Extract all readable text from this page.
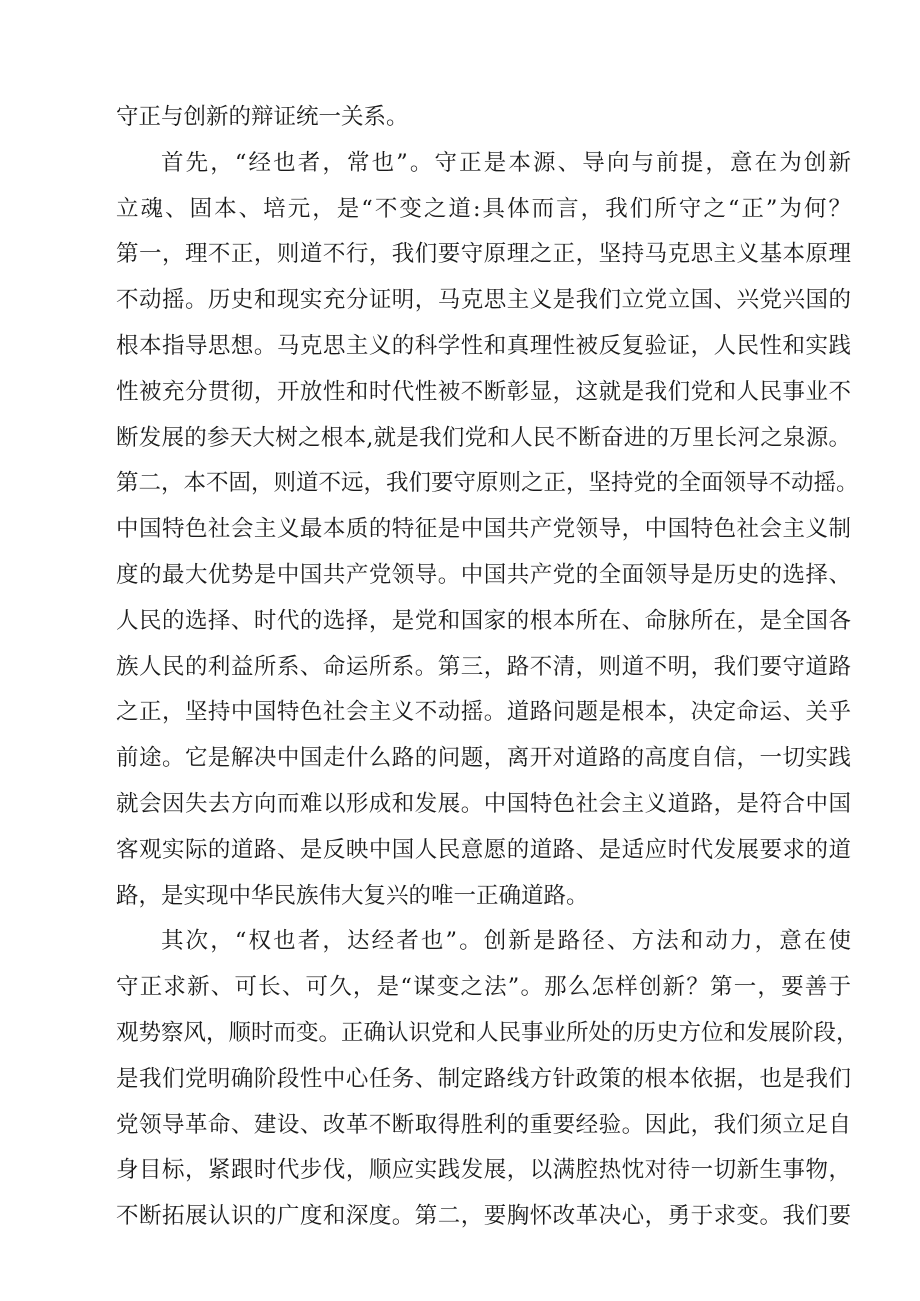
守正与创新的辩证统一关系。
首先，“经也者，常也”。守正是本源、导向与前提，意在为创新
立魂、固本、培元，是“不变之道:具体而言，我们所守之“正”为何？
第一，理不正，则道不行，我们要守原理之正，坚持马克思主义基本原理
不动摇。历史和现实充分证明，马克思主义是我们立党立国、兴党兴国的
根本指导思想。马克思主义的科学性和真理性被反复验证，人民性和实践
性被充分贯彻，开放性和时代性被不断彰显，这就是我们党和人民事业不
断发展的参天大树之根本,就是我们党和人民不断奋进的万里长河之泉源。
第二，本不固，则道不远，我们要守原则之正，坚持党的全面领导不动摇。
中国特色社会主义最本质的特征是中国共产党领导，中国特色社会主义制
度的最大优势是中国共产党领导。中国共产党的全面领导是历史的选择、
人民的选择、时代的选择，是党和国家的根本所在、命脉所在，是全国各
族人民的利益所系、命运所系。第三，路不清，则道不明，我们要守道路
之正，坚持中国特色社会主义不动摇。道路问题是根本，决定命运、关乎
前途。它是解决中国走什么路的问题，离开对道路的高度自信，一切实践
就会因失去方向而难以形成和发展。中国特色社会主义道路，是符合中国
客观实际的道路、是反映中国人民意愿的道路、是适应时代发展要求的道
路，是实现中华民族伟大复兴的唯一正确道路。
其次，“权也者，达经者也”。创新是路径、方法和动力，意在使
守正求新、可长、可久，是“谋变之法”。那么怎样创新？第一，要善于
观势察风，顺时而变。正确认识党和人民事业所处的历史方位和发展阶段，
是我们党明确阶段性中心任务、制定路线方针政策的根本依据，也是我们
党领导革命、建设、改革不断取得胜利的重要经验。因此，我们须立足自
身目标，紧跟时代步伐，顺应实践发展，以满腔热忱对待一切新生事物，
不断拓展认识的广度和深度。第二，要胸怀改革决心，勇于求变。我们要
